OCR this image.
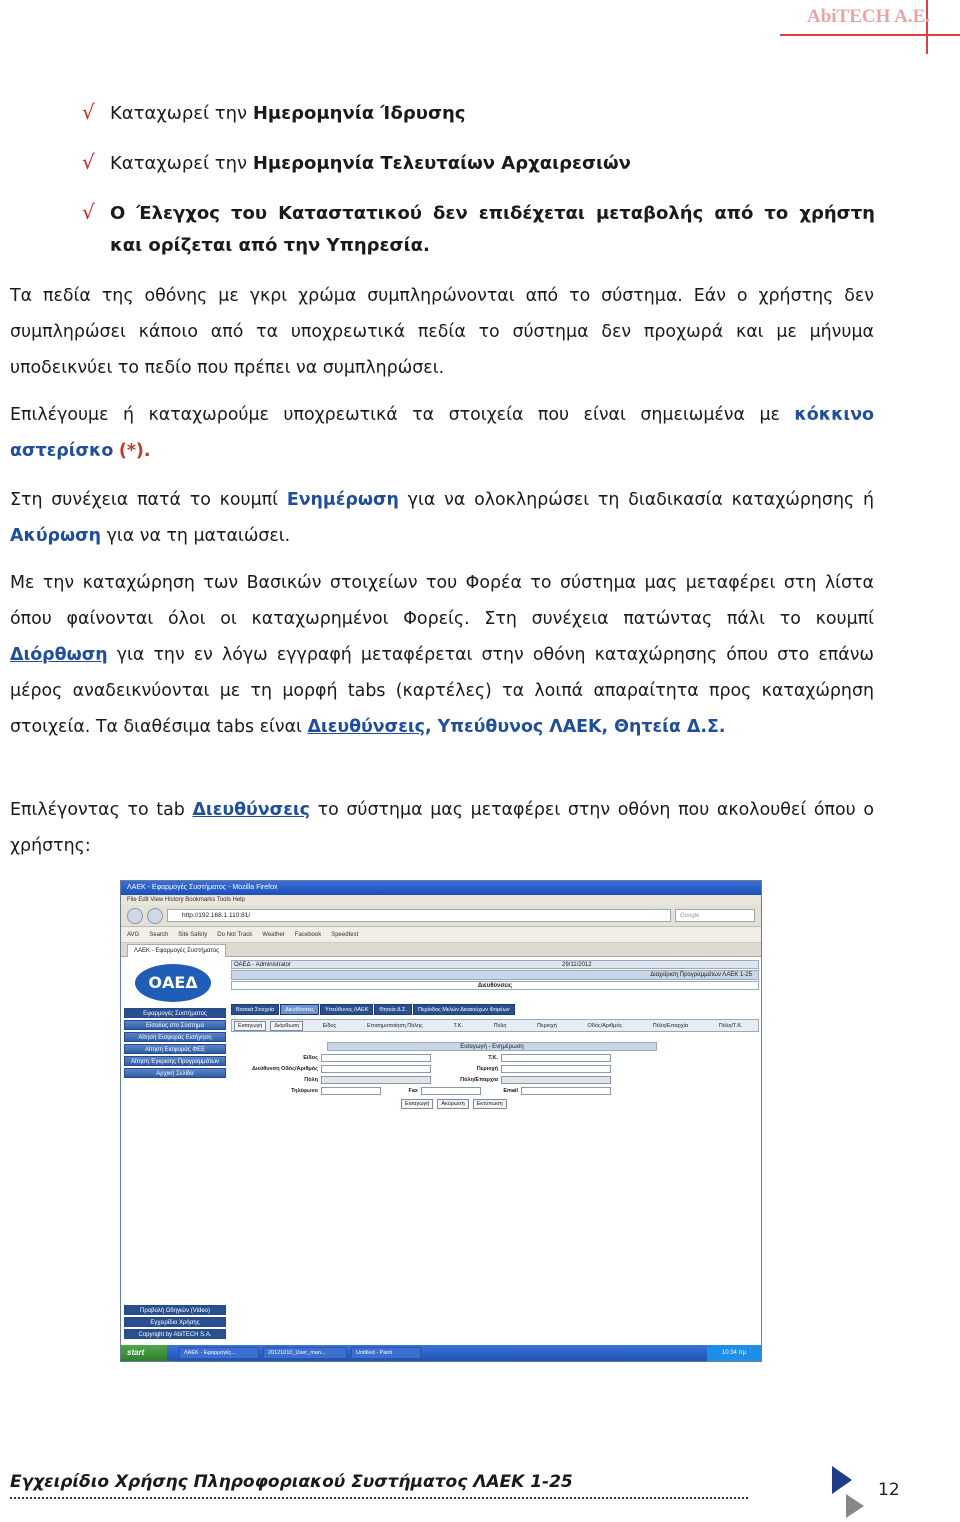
AbiTECH A.E.
√ Καταχωρεί την Ημερομηνία Ίδρυσης
√ Καταχωρεί την Ημερομηνία Τελευταίων Αρχαιρεσιών
√ Ο Έλεγχος του Καταστατικού δεν επιδέχεται μεταβολής από το χρήστη
και ορίζεται από την Υπηρεσία.
Τα πεδία της οθόνης με γκρι χρώμα συμπληρώνονται από το σύστημα. Εάν ο χρήστης δεν συμπληρώσει κάποιο από τα υποχρεωτικά πεδία το σύστημα δεν προχωρά και με μήνυμα υποδεικνύει το πεδίο που πρέπει να συμπληρώσει.
Επιλέγουμε ή καταχωρούμε υποχρεωτικά τα στοιχεία που είναι σημειωμένα με κόκκινο αστερίσκο (*).
Στη συνέχεια πατά το κουμπί Ενημέρωση για να ολοκληρώσει τη διαδικασία καταχώρησης ή Ακύρωση για να τη ματαιώσει.
Με την καταχώρηση των Βασικών στοιχείων του Φορέα το σύστημα μας μεταφέρει στη λίστα όπου φαίνονται όλοι οι καταχωρημένοι Φορείς. Στη συνέχεια πατώντας πάλι το κουμπί Διόρθωση για την εν λόγω εγγραφή μεταφέρεται στην οθόνη καταχώρησης όπου στο επάνω μέρος αναδεικνύονται με τη μορφή tabs (καρτέλες) τα λοιπά απαραίτητα προς καταχώρηση στοιχεία. Τα διαθέσιμα tabs είναι Διευθύνσεις, Υπεύθυνος ΛΑΕΚ, Θητεία Δ.Σ.
Επιλέγοντας το tab Διευθύνσεις το σύστημα μας μεταφέρει στην οθόνη που ακολουθεί όπου ο χρήστης:
ΛΑΕΚ - Εφαρμογές Συστήματος - Mozilla Firefox
File Edit View History Bookmarks Tools Help
http://192.168.1.110:81/	Google
AVG Search Site Safety Do Not Track Weather Facebook Speedtest
ΛΑΕΚ - Εφαρμογές Συστήματος
ΟΑΕΔ
Εφαρμογές Συστήματος
Είσοδος στο Σύστημα
Αίτηση Εισφοράς Εισήγηση
Αίτηση Εισφοράς ΦΕΕ
Αίτηση Έγκρισης Προγραμμάτων
Αρχική Σελίδα
Προβολή Οδηγιών (Video)
Εγχειρίδιο Χρήσης
Copyright by AbiTECH S.A.
ΟΑΕΔ - Administrator	29/11/2012
Διαχείριση Προγραμμάτων ΛΑΕΚ 1-25
Διευθύνσεις
Βασικά Στοιχεία	Διευθύνσεις	Υπεύθυνος ΛΑΕΚ	Θητεία Δ.Σ.	Περίοδος Μελών Δικαιούχων Φορέων
Εισαγωγή	Διόρθωση	Είδος	Επισημοποίηση Πόλης	Τ.Κ.	Πόλη	Περιοχή	Οδός/Αριθμός	Πόλη/Επαρχία	Πόλη/Τ.Κ.
Εισαγωγή - Ενημέρωση
Είδος	Τ.Κ.
Διεύθυνση Οδός/Αριθμός	Περιοχή
Πόλη	Πόλη/Επαρχία
Τηλέφωνο	Fax	Email
Εισαγωγή	Ακύρωση	Εκτύπωση
start	ΛΑΕΚ - Εφαρμογές...	20121010_User_man...	Untitled - Paint	10:34 πμ
Εγχειρίδιο Χρήσης Πληροφοριακού Συστήματος ΛΑΕΚ 1-25	12
